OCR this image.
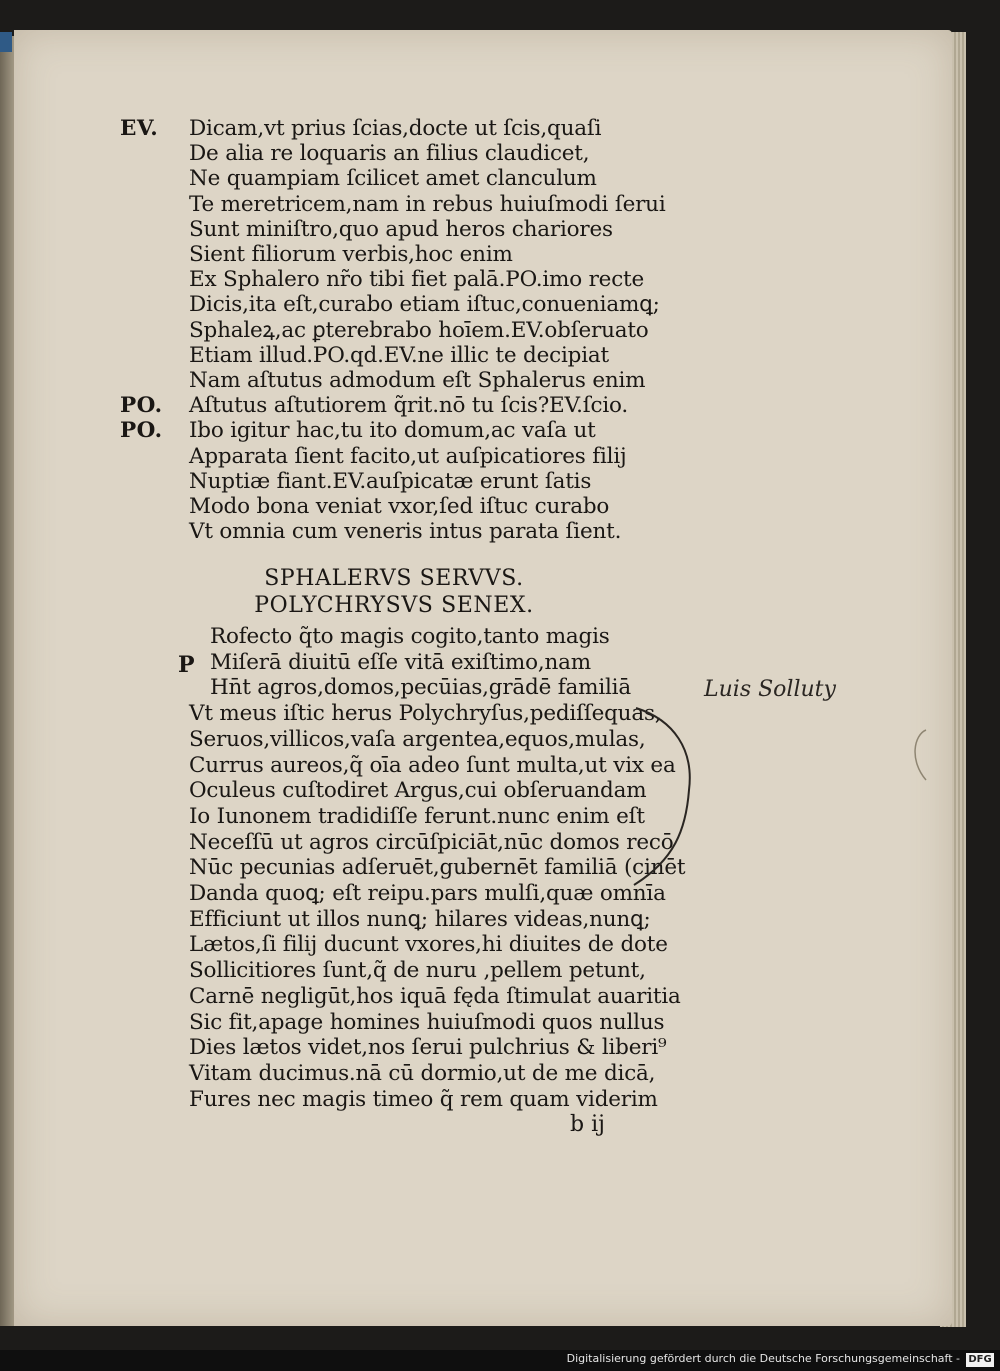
SPHALERVS SERVVS.
POLYCHRYSVS SENEX.
P
b ij
Dicam,vt prius ſcias,docte ut ſcis,quaſi
EV.
De alia re loquaris an filius claudicet,
Ne quampiam ſcilicet amet clanculum
Te meretricem,nam in rebus huiuſmodi ſerui
Sunt miniſtro,quo apud heros chariores
Sient filiorum verbis,hoc enim
Ex Sphalero nr̃o tibi fiet palā.PO.imo recte
Dicis,ita eſt,curabo etiam iſtuc,conueniamꝗ;
Sphaleꝝ,ac ꝑterebrabo hoīem.EV.obſeruato
Etiam illud.PO.qd.EV.ne illic te decipiat
Nam aſtutus admodum eſt Sphalerus enim
Aſtutus aſtutiorem q̃rit.nō tu ſcis?EV.ſcio.
PO.
Ibo igitur hac,tu ito domum,ac vaſa ut
PO.
Apparata ſient facito,ut auſpicatiores filij
Nuptiæ fiant.EV.auſpicatæ erunt ſatis
Modo bona veniat vxor,ſed iſtuc curabo
Vt omnia cum veneris intus parata ſient.
Rofecto q̃to magis cogito,tanto magis
Miſerā diuitū eſſe vitā exiſtimo,nam
Hn̄t agros,domos,pecūias,grādē familiā
Vt meus iſtic herus Polychryſus,pediſſequas,
Seruos,villicos,vaſa argentea,equos,mulas,
Currus aureos,q̃ oīa adeo ſunt multa,ut vix ea
Oculeus cuſtodiret Argus,cui obſeruandam
Io Iunonem tradidiſſe ferunt.nunc enim eſt
Neceſſū ut agros circūſpiciāt,nūc domos recō
Nūc pecunias adſeruēt,gubernēt familiā (cinēt
Danda quoꝗ; eſt reipu.pars mulſi,quæ omnīa
Efficiunt ut illos nunꝗ; hilares videas,nunꝗ;
Lætos,ſi filij ducunt vxores,hi diuites de dote
Sollicitiores ſunt,q̃ de nuru ,pellem petunt,
Carnē negligūt,hos iquā fęda ſtimulat auaritia
Sic fit,apage homines huiuſmodi quos nullus
Dies lætos videt,nos ſerui pulchrius & liberi⁹
Vitam ducimus.nā cū dormio,ut de me dicā,
Fures nec magis timeo q̃ rem quam viderim
Luis Solluty
Digitalisierung gefördert durch die Deutsche Forschungsgemeinschaft - DFG
